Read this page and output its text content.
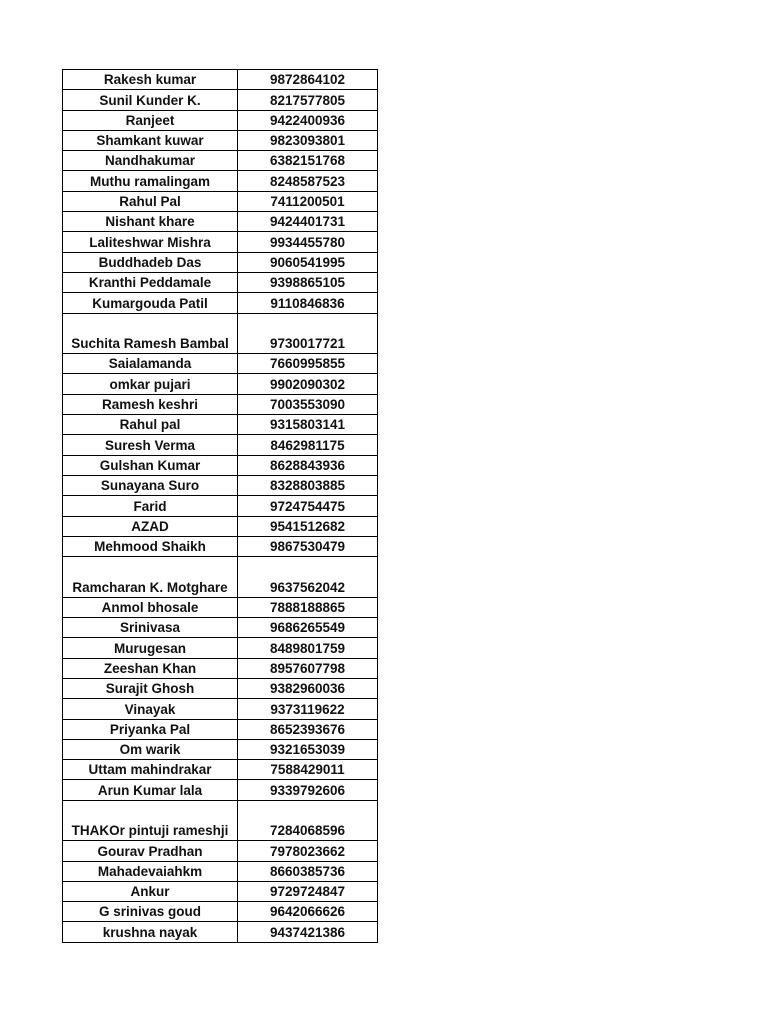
Rakesh kumar	9872864102
Sunil Kunder K.	8217577805
Ranjeet	9422400936
Shamkant kuwar	9823093801
Nandhakumar	6382151768
Muthu ramalingam	8248587523
Rahul Pal	7411200501
Nishant khare	9424401731
Laliteshwar Mishra	9934455780
Buddhadeb Das	9060541995
Kranthi Peddamale	9398865105
Kumargouda Patil	9110846836
Suchita Ramesh Bambal	9730017721
Saialamanda	7660995855
omkar pujari	9902090302
Ramesh keshri	7003553090
Rahul pal	9315803141
Suresh Verma	8462981175
Gulshan Kumar	8628843936
Sunayana Suro	8328803885
Farid	9724754475
AZAD	9541512682
Mehmood Shaikh	9867530479
Ramcharan K. Motghare	9637562042
Anmol bhosale	7888188865
Srinivasa	9686265549
Murugesan	8489801759
Zeeshan Khan	8957607798
Surajit Ghosh	9382960036
Vinayak	9373119622
Priyanka Pal	8652393676
Om warik	9321653039
Uttam mahindrakar	7588429011
Arun Kumar lala	9339792606
THAKOr pintuji rameshji	7284068596
Gourav Pradhan	7978023662
Mahadevaiahkm	8660385736
Ankur	9729724847
G srinivas goud	9642066626
krushna nayak	9437421386
